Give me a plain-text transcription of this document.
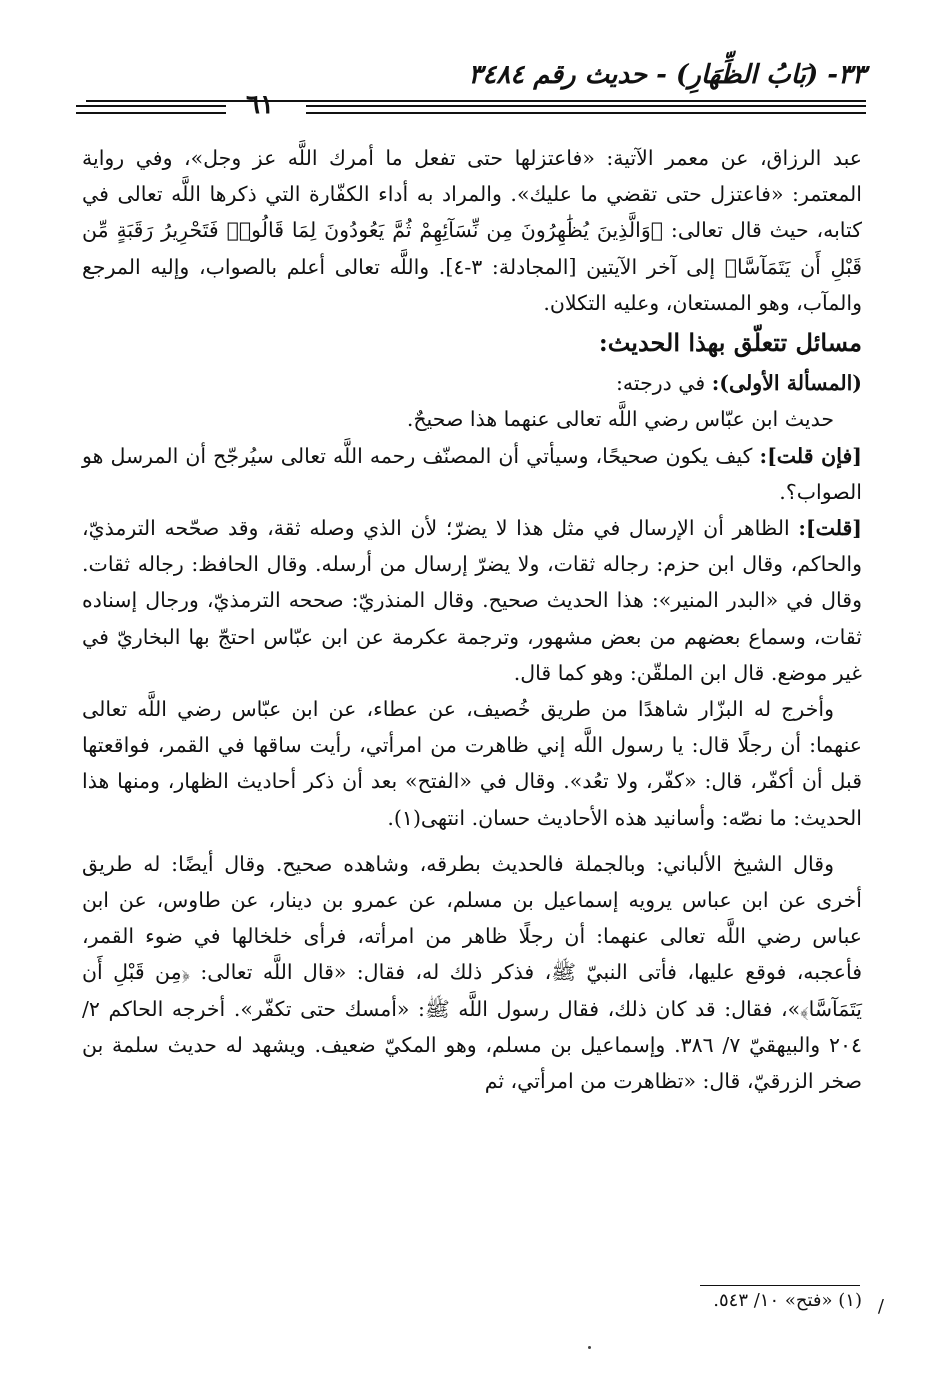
٣٣- (بَابُ الظِّهَارِ) - حديث رقم ٣٤٨٤
٦١

عبد الرزاق، عن معمر الآتية: «فاعتزلها حتى تفعل ما أمرك اللَّه عز وجل»، وفي رواية المعتمر: «فاعتزل حتى تقضي ما عليك». والمراد به أداء الكفّارة التي ذكرها اللَّه تعالى في كتابه، حيث قال تعالى: ﴿وَالَّذِينَ يُظَٰهِرُونَ مِن نِّسَآئِهِمْ ثُمَّ يَعُودُونَ لِمَا قَالُوا۟ فَتَحْرِيرُ رَقَبَةٍ مِّن قَبْلِ أَن يَتَمَآسَّا﴾ إلى آخر الآيتين [المجادلة: ٣-٤]. واللَّه تعالى أعلم بالصواب، وإليه المرجع والمآب، وهو المستعان، وعليه التكلان.

مسائل تتعلّق بهذا الحديث:

(المسألة الأولى): في درجته:

حديث ابن عبّاس رضي اللَّه تعالى عنهما هذا صحيحٌ.

[فإن قلت]: كيف يكون صحيحًا، وسيأتي أن المصنّف رحمه اللَّه تعالى سيُرجّح أن المرسل هو الصواب؟.

[قلت]: الظاهر أن الإرسال في مثل هذا لا يضرّ؛ لأن الذي وصله ثقة، وقد صحّحه الترمذيّ، والحاكم، وقال ابن حزم: رجاله ثقات، ولا يضرّ إرسال من أرسله. وقال الحافظ: رجاله ثقات. وقال في «البدر المنير»: هذا الحديث صحيح. وقال المنذريّ: صححه الترمذيّ، ورجال إسناده ثقات، وسماع بعضهم من بعض مشهور، وترجمة عكرمة عن ابن عبّاس احتجّ بها البخاريّ في غير موضع. قال ابن الملقّن: وهو كما قال.

وأخرج له البزّار شاهدًا من طريق خُصيف، عن عطاء، عن ابن عبّاس رضي اللَّه تعالى عنهما: أن رجلًا قال: يا رسول اللَّه إني ظاهرت من امرأتي، رأيت ساقها في القمر، فواقعتها قبل أن أكفّر، قال: «كفّر، ولا تعُد». وقال في «الفتح» بعد أن ذكر أحاديث الظهار، ومنها هذا الحديث: ما نصّه: وأسانيد هذه الأحاديث حسان. انتهى(١).

وقال الشيخ الألباني: وبالجملة فالحديث بطرقه، وشاهده صحيح. وقال أيضًا: له طريق أخرى عن ابن عباس يرويه إسماعيل بن مسلم، عن عمرو بن دينار، عن طاوس، عن ابن عباس رضي اللَّه تعالى عنهما: أن رجلًا ظاهر من امرأته، فرأى خلخالها في ضوء القمر، فأعجبه، فوقع عليها، فأتى النبيّ ﷺ، فذكر ذلك له، فقال: «قال اللَّه تعالى: ﴿مِن قَبْلِ أَن يَتَمَآسَّا﴾»، فقال: قد كان ذلك، فقال رسول اللَّه ﷺ: «أمسك حتى تكفّر». أخرجه الحاكم ٢/ ٢٠٤ والبيهقيّ ٧/ ٣٨٦. وإسماعيل بن مسلم، وهو المكيّ ضعيف. ويشهد له حديث سلمة بن صخر الزرقيّ، قال: «تظاهرت من امرأتي، ثم

/
(١) «فتح» ١٠/ ٥٤٣.
